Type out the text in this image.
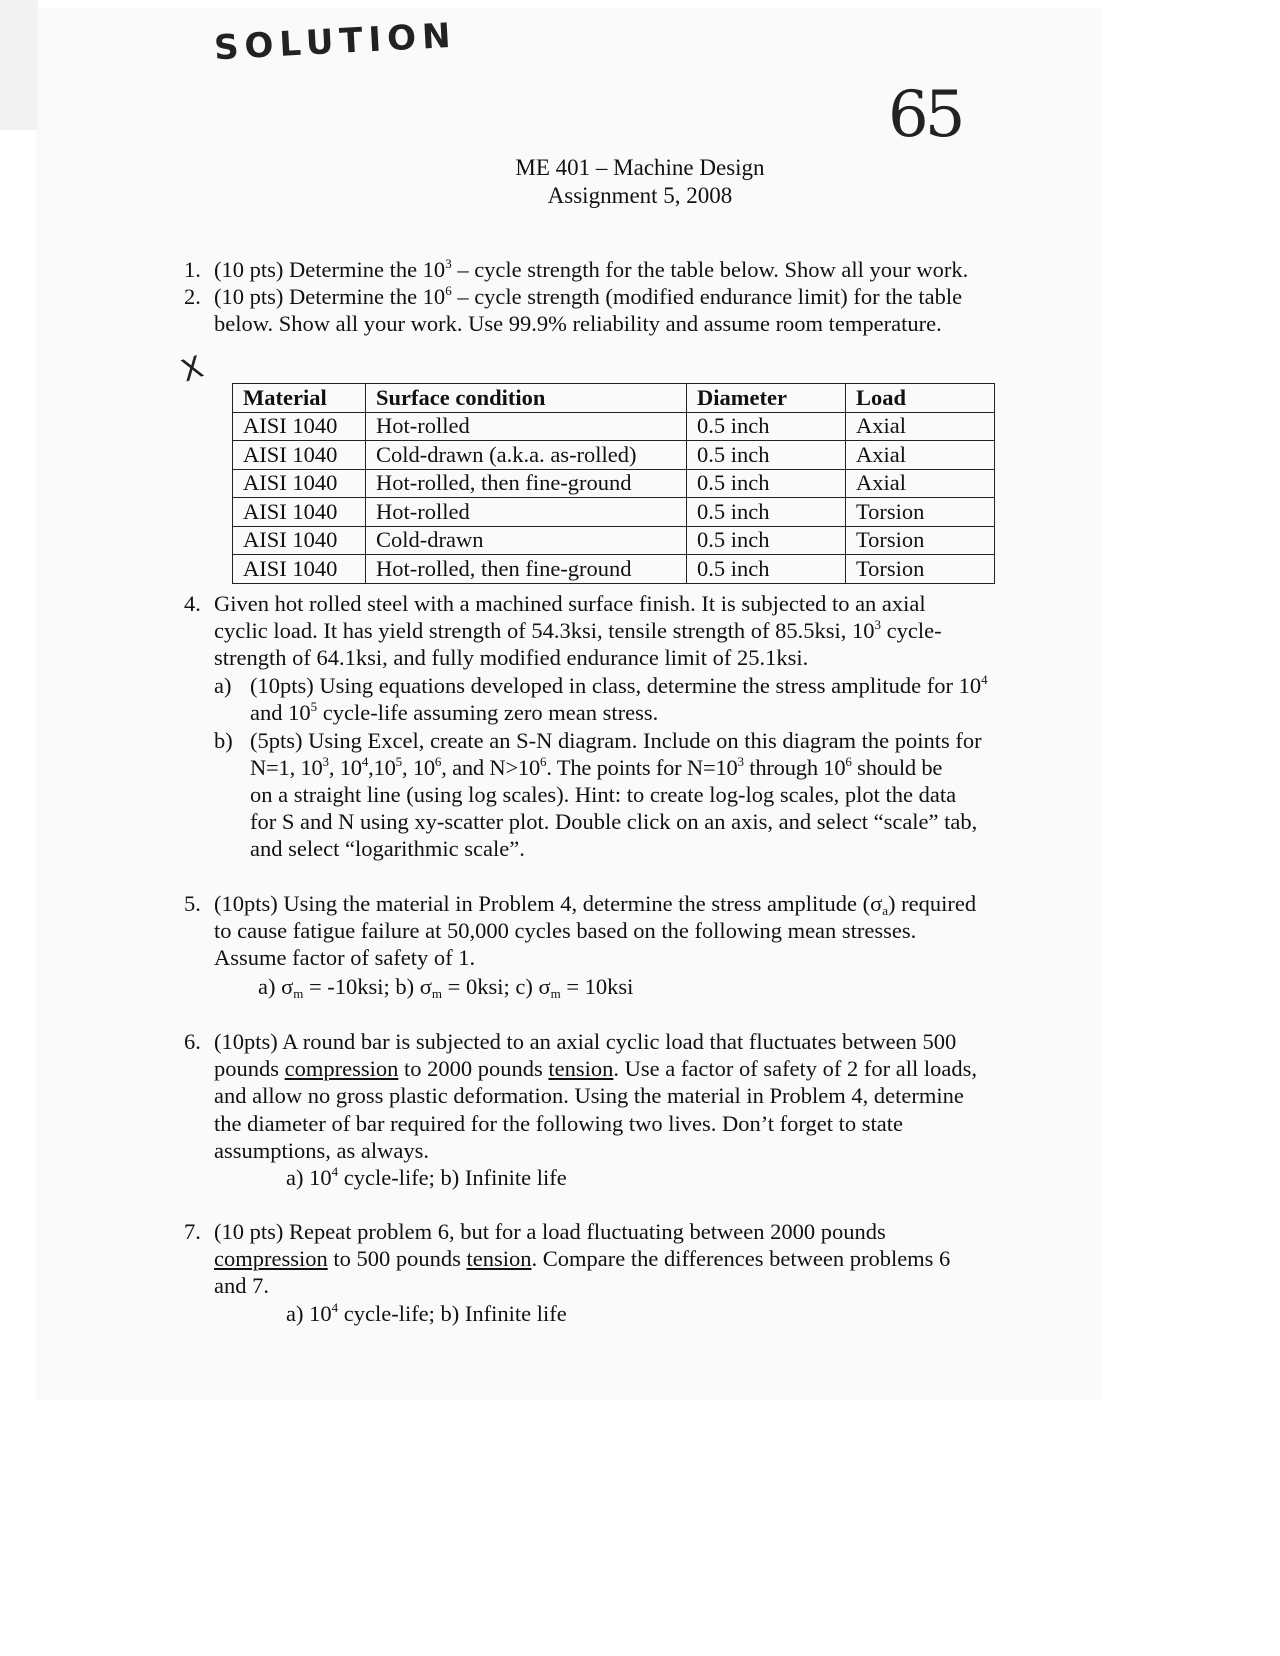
SOLUTION
65
X
ME 401 – Machine Design
Assignment 5, 2008
1. (10 pts) Determine the $10^3$ – cycle strength for the table below. Show all your work.
2. (10 pts) Determine the $10^6$ – cycle strength (modified endurance limit) for the table
below. Show all your work. Use 99.9% reliability and assume room temperature.
Material	Surface condition	Diameter	Load
AISI 1040	Hot-rolled	0.5 inch	Axial
AISI 1040	Cold-drawn (a.k.a. as-rolled)	0.5 inch	Axial
AISI 1040	Hot-rolled, then fine-ground	0.5 inch	Axial
AISI 1040	Hot-rolled	0.5 inch	Torsion
AISI 1040	Cold-drawn	0.5 inch	Torsion
AISI 1040	Hot-rolled, then fine-ground	0.5 inch	Torsion
4. Given hot rolled steel with a machined surface finish. It is subjected to an axial
cyclic load. It has yield strength of 54.3ksi, tensile strength of 85.5ksi, $10^3$ cycle-
strength of 64.1ksi, and fully modified endurance limit of 25.1ksi.
a) (10pts) Using equations developed in class, determine the stress amplitude for $10^4$
and $10^5$ cycle-life assuming zero mean stress.
b) (5pts) Using Excel, create an S-N diagram. Include on this diagram the points for
N=1, $10^3$, $10^4,10^5$, $10^6$, and $N>10^6$. The points for $N=10^3$ through $10^6$ should be
on a straight line (using log scales). Hint: to create log-log scales, plot the data
for S and N using xy-scatter plot. Double click on an axis, and select “scale” tab,
and select “logarithmic scale”.
5. (10pts) Using the material in Problem 4, determine the stress amplitude $(\sigma_a)$ required
to cause fatigue failure at 50,000 cycles based on the following mean stresses.
Assume factor of safety of 1.
a) $\sigma_m = -10ksi$; b) $\sigma_m = 0ksi$; c) $\sigma_m = 10ksi$
6. (10pts) A round bar is subjected to an axial cyclic load that fluctuates between 500
pounds compression to 2000 pounds tension. Use a factor of safety of 2 for all loads,
and allow no gross plastic deformation. Using the material in Problem 4, determine
the diameter of bar required for the following two lives. Don’t forget to state
assumptions, as always.
a) $10^4$ cycle-life; b) Infinite life
7. (10 pts) Repeat problem 6, but for a load fluctuating between 2000 pounds
compression to 500 pounds tension. Compare the differences between problems 6
and 7.
a) $10^4$ cycle-life; b) Infinite life
